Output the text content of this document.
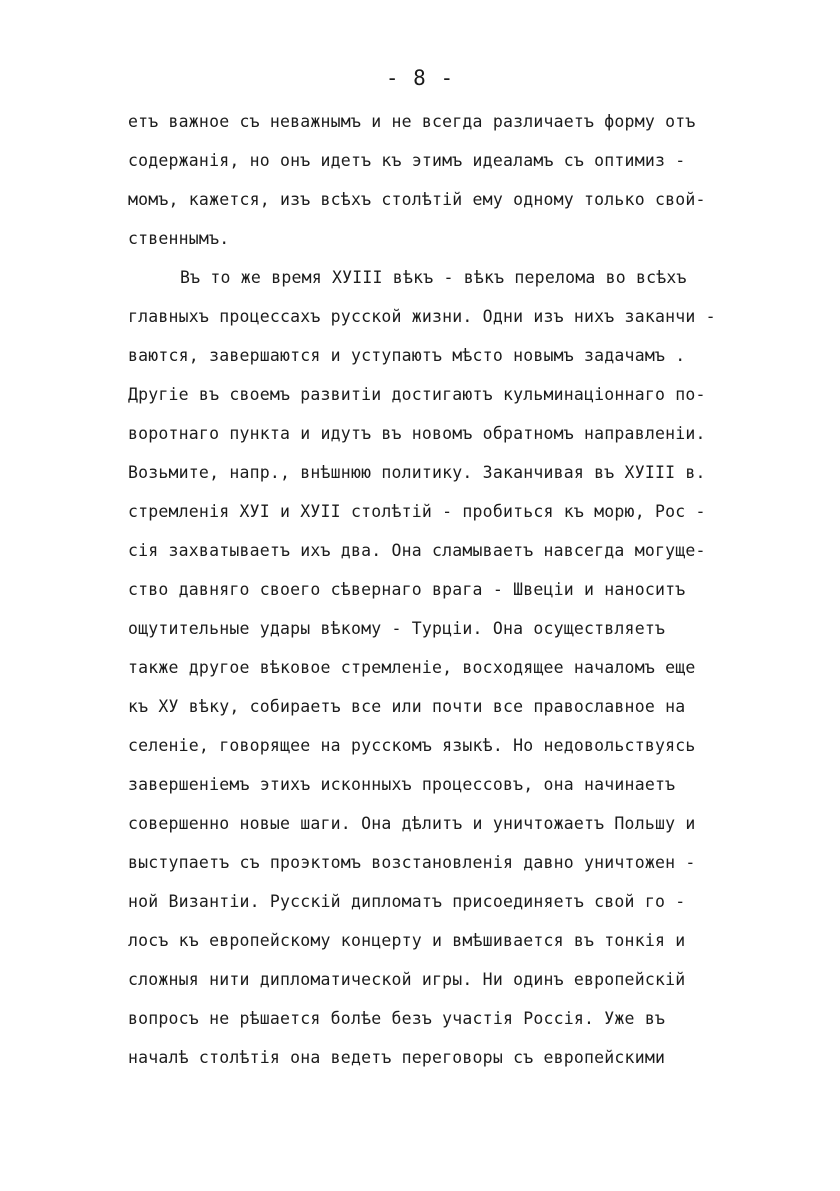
- 8 -
етъ важное съ неважнымъ и не всегда различаетъ форму отъ
содержанія, но онъ идетъ къ этимъ идеаламъ съ оптимиз -
момъ, кажется, изъ всѣхъ столѣтій ему одному только свой-
ственнымъ.
Въ то же время ХУIII вѣкъ - вѣкъ перелома во всѣхъ
главныхъ процессахъ русской жизни. Одни изъ нихъ заканчи -
ваются, завершаются и уступаютъ мѣсто новымъ задачамъ .
Другіе въ своемъ развитіи достигаютъ кульминаціоннаго по-
воротнаго пункта и идутъ въ новомъ обратномъ направленіи.
Возьмите, напр., внѣшнюю политику. Заканчивая въ ХУIII в.
стремленія ХУI и ХУII столѣтій - пробиться къ морю, Рос -
сія захватываетъ ихъ два. Она сламываетъ навсегда могуще-
ство давняго своего сѣвернаго врага - Швеціи и наноситъ
ощутительные удары вѣкому - Турціи. Она осуществляетъ
также другое вѣковое стремленіе, восходящее началомъ еще
къ ХУ вѣку, собираетъ все или почти все православное на
селеніе, говорящее на русскомъ языкѣ. Но недовольствуясь
завершеніемъ этихъ исконныхъ процессовъ, она начинаетъ
совершенно новые шаги. Она дѣлитъ и уничтожаетъ Польшу и
выступаетъ съ проэктомъ возстановленія давно уничтожен -
ной Византіи. Русскій дипломатъ присоединяетъ свой го -
лосъ къ европейскому концерту и вмѣшивается въ тонкія и
сложныя нити дипломатической игры. Ни одинъ европейскій
вопросъ не рѣшается болѣе безъ участія Россія. Уже въ
началѣ столѣтія она ведетъ переговоры съ европейскими
